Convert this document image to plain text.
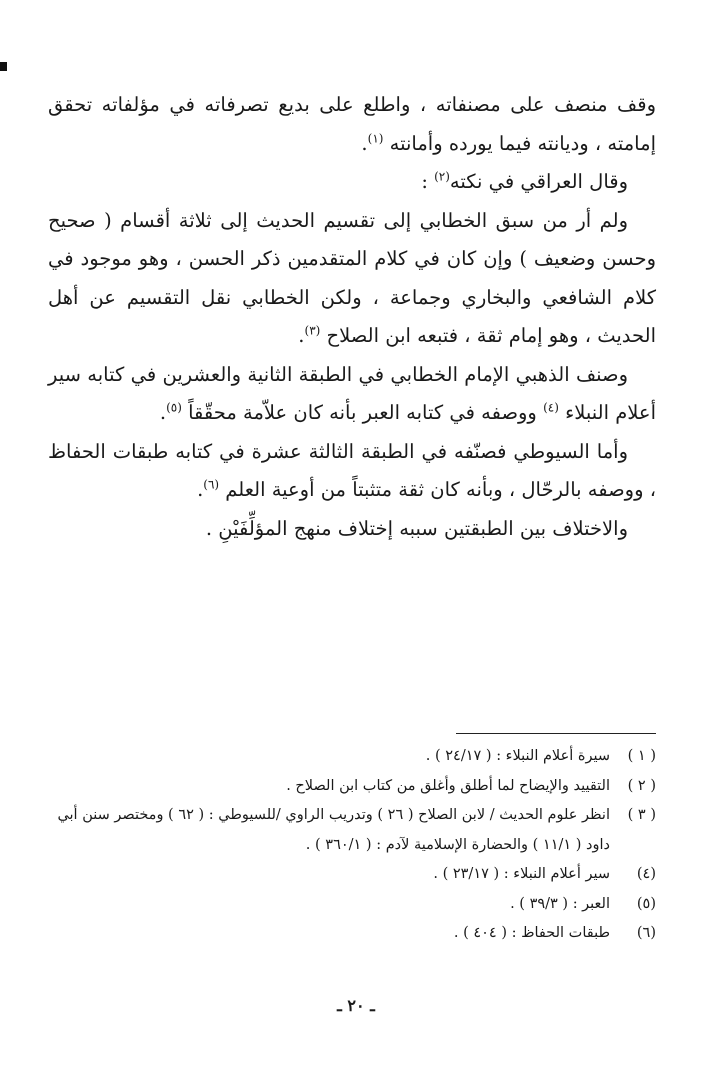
وقف منصف على مصنفاته ، واطلع على بديع تصرفاته في مؤلفاته تحقق إمامته ، وديانته فيما يورده وأمانته $^{(١)}$.

وقال العراقي في نكته$^{(٢)}$ :

ولم أر من سبق الخطابي إلى تقسيم الحديث إلى ثلاثة أقسام ( صحيح وحسن وضعيف ) وإن كان في كلام المتقدمين ذكر الحسن ، وهو موجود في كلام الشافعي والبخاري وجماعة ، ولكن الخطابي نقل التقسيم عن أهل الحديث ، وهو إمام ثقة ، فتبعه ابن الصلاح $^{(٣)}$.

وصنف الذهبي الإمام الخطابي في الطبقة الثانية والعشرين في كتابه سير أعلام النبلاء $^{(٤)}$ ووصفه في كتابه العبر بأنه كان علاّمة محقّقاً $^{(٥)}$.

وأما السيوطي فصنّفه في الطبقة الثالثة عشرة في كتابه طبقات الحفاظ ، ووصفه بالرحّال ، وبأنه كان ثقة متثبتاً من أوعية العلم $^{(٦)}$.

والاختلاف بين الطبقتين سببه إختلاف منهج المؤلِّفَيْنِ .

( ١ )
سيرة أعلام النبلاء : ( ٢٤/١٧ ) .
( ٢ )
التقييد والإيضاح لما أطلق وأغلق من كتاب ابن الصلاح .
( ٣ )
انظر علوم الحديث / لابن الصلاح ( ٢٦ ) وتدريب الراوي /للسيوطي : ( ٦٢ ) ومختصر سنن أبي داود ( ١١/١ ) والحضارة الإسلامية لآدم : ( ٣٦٠/١ ) .
(٤)
سير أعلام النبلاء : ( ٢٣/١٧ ) .
(٥)
العبر : ( ٣٩/٣ ) .
(٦)
طبقات الحفاظ : ( ٤٠٤ ) .
ـ ٢٠ ـ
